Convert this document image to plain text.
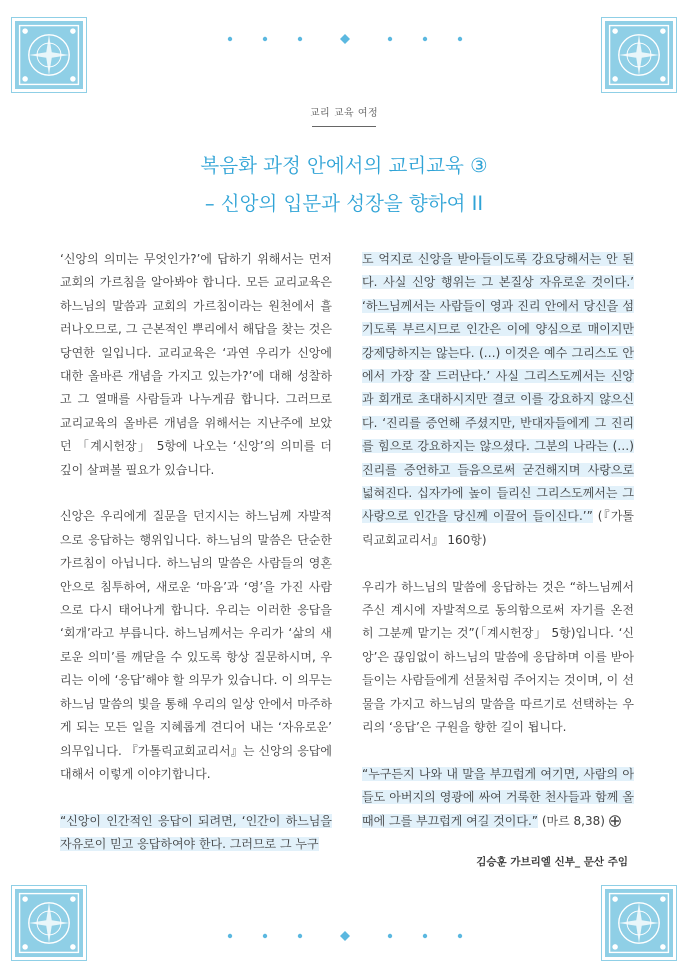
교리 교육 여정
복음화 과정 안에서의 교리교육 ③
– 신앙의 입문과 성장을 향하여 II

‘신앙의 의미는 무엇인가?’에 답하기 위해서는 먼저 교회의 가르침을 알아봐야 합니다. 모든 교리교육은 하느님의 말씀과 교회의 가르침이라는 원천에서 흘러나오므로, 그 근본적인 뿌리에서 해답을 찾는 것은 당연한 일입니다. 교리교육은 ‘과연 우리가 신앙에 대한 올바른 개념을 가지고 있는가?’에 대해 성찰하고 그 열매를 사람들과 나누게끔 합니다. 그러므로 교리교육의 올바른 개념을 위해서는 지난주에 보았던 「계시헌장」 5항에 나오는 ‘신앙’의 의미를 더 깊이 살펴볼 필요가 있습니다.

신앙은 우리에게 질문을 던지시는 하느님께 자발적으로 응답하는 행위입니다. 하느님의 말씀은 단순한 가르침이 아닙니다. 하느님의 말씀은 사람들의 영혼 안으로 침투하여, 새로운 ‘마음’과 ‘영’을 가진 사람으로 다시 태어나게 합니다. 우리는 이러한 응답을 ‘회개’라고 부릅니다. 하느님께서는 우리가 ‘삶의 새로운 의미’를 깨닫을 수 있도록 항상 질문하시며, 우리는 이에 ‘응답’해야 할 의무가 있습니다. 이 의무는 하느님 말씀의 빛을 통해 우리의 일상 안에서 마주하게 되는 모든 일을 지혜롭게 견디어 내는 ‘자유로운’ 의무입니다. 『가톨릭교회교리서』는 신앙의 응답에 대해서 이렇게 이야기합니다.

“신앙이 인간적인 응답이 되려면, ‘인간이 하느님을 자유로이 믿고 응답하여야 한다. 그러므로 그 누구

도 억지로 신앙을 받아들이도록 강요당해서는 안 된다. 사실 신앙 행위는 그 본질상 자유로운 것이다.’ ‘하느님께서는 사람들이 영과 진리 안에서 당신을 섬기도록 부르시므로 인간은 이에 양심으로 매이지만 강제당하지는 않는다. (…) 이것은 예수 그리스도 안에서 가장 잘 드러난다.’ 사실 그리스도께서는 신앙과 회개로 초대하시지만 결코 이를 강요하지 않으신다. ‘진리를 증언해 주셨지만, 반대자들에게 그 진리를 힘으로 강요하지는 않으셨다. 그분의 나라는 (…) 진리를 증언하고 들음으로써 굳건해지며 사랑으로 넓혀진다. 십자가에 높이 들리신 그리스도께서는 그 사랑으로 인간을 당신께 이끌어 들이신다.’” (『가톨릭교회교리서』 160항)

우리가 하느님의 말씀에 응답하는 것은 “하느님께서 주신 계시에 자발적으로 동의함으로써 자기를 온전히 그분께 맡기는 것”(「계시헌장」 5항)입니다. ‘신앙’은 끊임없이 하느님의 말씀에 응답하며 이를 받아들이는 사람들에게 선물처럼 주어지는 것이며, 이 선물을 가지고 하느님의 말씀을 따르기로 선택하는 우리의 ‘응답’은 구원을 향한 길이 됩니다.

“누구든지 나와 내 말을 부끄럽게 여기면, 사람의 아들도 아버지의 영광에 싸여 거룩한 천사들과 함께 올 때에 그를 부끄럽게 여길 것이다.” (마르 8,38)

김승훈 가브리엘 신부_ 문산 주임
